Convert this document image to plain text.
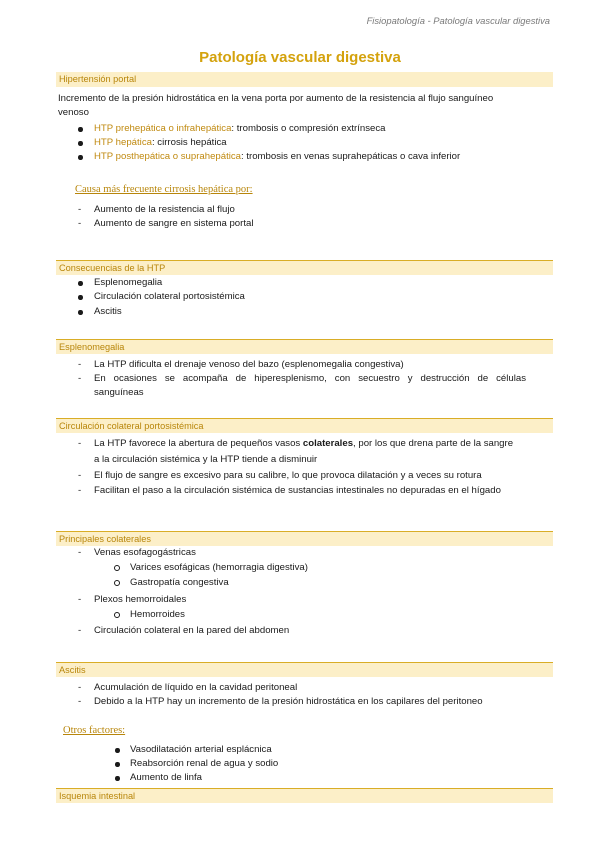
Fisiopatología - Patología vascular digestiva
Patología vascular digestiva
Hipertensión portal
Incremento de la presión hidrostática en la vena porta por aumento de la resistencia al flujo sanguíneo
venoso
HTP prehepática o infrahepática: trombosis o compresión extrínseca
HTP hepática: cirrosis hepática
HTP posthepática o suprahepática: trombosis en venas suprahepáticas o cava inferior
Causa más frecuente cirrosis hepática por:
- Aumento de la resistencia al flujo
- Aumento de sangre en sistema portal
Consecuencias de la HTP
Esplenomegalia
Circulación colateral portosistémica
Ascitis
Esplenomegalia
- La HTP dificulta el drenaje venoso del bazo (esplenomegalia congestiva)
- En ocasiones se acompaña de hiperesplenismo, con secuestro y destrucción de células
sanguíneas
Circulación colateral portosistémica
- La HTP favorece la abertura de pequeños vasos colaterales, por los que drena parte de la sangre
a la circulación sistémica y la HTP tiende a disminuir
- El flujo de sangre es excesivo para su calibre, lo que provoca dilatación y a veces su rotura
- Facilitan el paso a la circulación sistémica de sustancias intestinales no depuradas en el hígado
Principales colaterales
- Venas esofagogástricas
Varices esofágicas (hemorragia digestiva)
Gastropatía congestiva
- Plexos hemorroidales
Hemorroides
- Circulación colateral en la pared del abdomen
Ascitis
- Acumulación de líquido en la cavidad peritoneal
- Debido a la HTP hay un incremento de la presión hidrostática en los capilares del peritoneo
Otros factores:
Vasodilatación arterial esplácnica
Reabsorción renal de agua y sodio
Aumento de linfa
Isquemia intestinal
